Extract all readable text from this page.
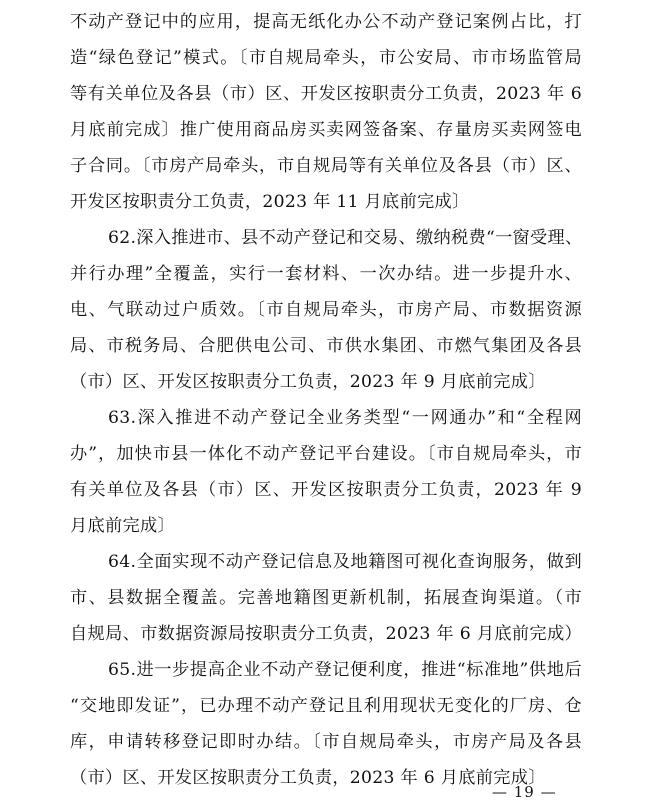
不动产登记中的应用，提高无纸化办公不动产登记案例占比，打
造“绿色登记”模式。〔市自规局牵头，市公安局、市市场监管局
等有关单位及各县（市）区、开发区按职责分工负责，2023 年 6
月底前完成〕推广使用商品房买卖网签备案、存量房买卖网签电
子合同。〔市房产局牵头，市自规局等有关单位及各县（市）区、
开发区按职责分工负责，2023 年 11 月底前完成〕
62.深入推进市、县不动产登记和交易、缴纳税费“一窗受理、
并行办理”全覆盖，实行一套材料、一次办结。进一步提升水、
电、气联动过户质效。〔市自规局牵头，市房产局、市数据资源
局、市税务局、合肥供电公司、市供水集团、市燃气集团及各县
（市）区、开发区按职责分工负责，2023 年 9 月底前完成〕
63.深入推进不动产登记全业务类型“一网通办”和“全程网
办”，加快市县一体化不动产登记平台建设。〔市自规局牵头，市
有关单位及各县（市）区、开发区按职责分工负责，2023 年 9
月底前完成〕
64.全面实现不动产登记信息及地籍图可视化查询服务，做到
市、县数据全覆盖。完善地籍图更新机制，拓展查询渠道。（市
自规局、市数据资源局按职责分工负责，2023 年 6 月底前完成）
65.进一步提高企业不动产登记便利度，推进“标准地”供地后
“交地即发证”，已办理不动产登记且利用现状无变化的厂房、仓
库，申请转移登记即时办结。〔市自规局牵头，市房产局及各县
（市）区、开发区按职责分工负责，2023 年 6 月底前完成〕
— 19 —
